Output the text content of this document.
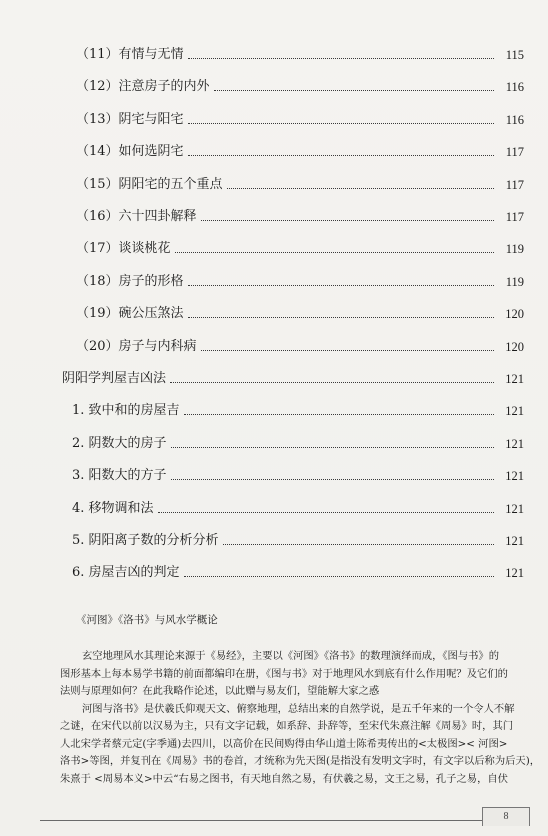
（11）有情与无情	115
（12）注意房子的内外	116
（13）阴宅与阳宅	116
（14）如何选阴宅	117
（15）阴阳宅的五个重点	117
（16）六十四卦解释	117
（17）谈谈桃花	119
（18）房子的形格	119
（19）碗公压煞法	120
（20）房子与内科病	120
阴阳学判屋吉凶法	121
1. 致中和的房屋吉	121
2. 阴数大的房子	121
3. 阳数大的方子	121
4. 移物调和法	121
5. 阴阳离子数的分析分析	121
6. 房屋吉凶的判定	121
《河图》《洛书》与风水学概论

玄空地理风水其理论来源于《易经》，主要以《河图》《洛书》的数理演绎而成，《图与书》的

图形基本上每本易学书籍的前面都编印在册，《图与书》对于地理风水到底有什么作用呢？及它们的

法则与原理如何？在此我略作论述，以此赠与易友们，望能解大家之惑

河图与洛书》是伏羲氏仰观天文、俯察地理，总结出来的自然学说，是五千年来的一个令人不解

之谜，在宋代以前以汉易为主，只有文字记载，如系辞、卦辞等，至宋代朱熹注解《周易》时，其门

人北宋学者蔡元定(字季通)去四川，以高价在民间购得由华山道士陈希夷传出的<太极图>< 河图>

洛书>等图，并复刊在《周易》书的卷首，才统称为先天图(是指没有发明文字时，有文字以后称为后天)，

朱熹于 <周易本义>中云“右易之图书，有天地自然之易，有伏羲之易，文王之易，孔子之易，自伏

8
